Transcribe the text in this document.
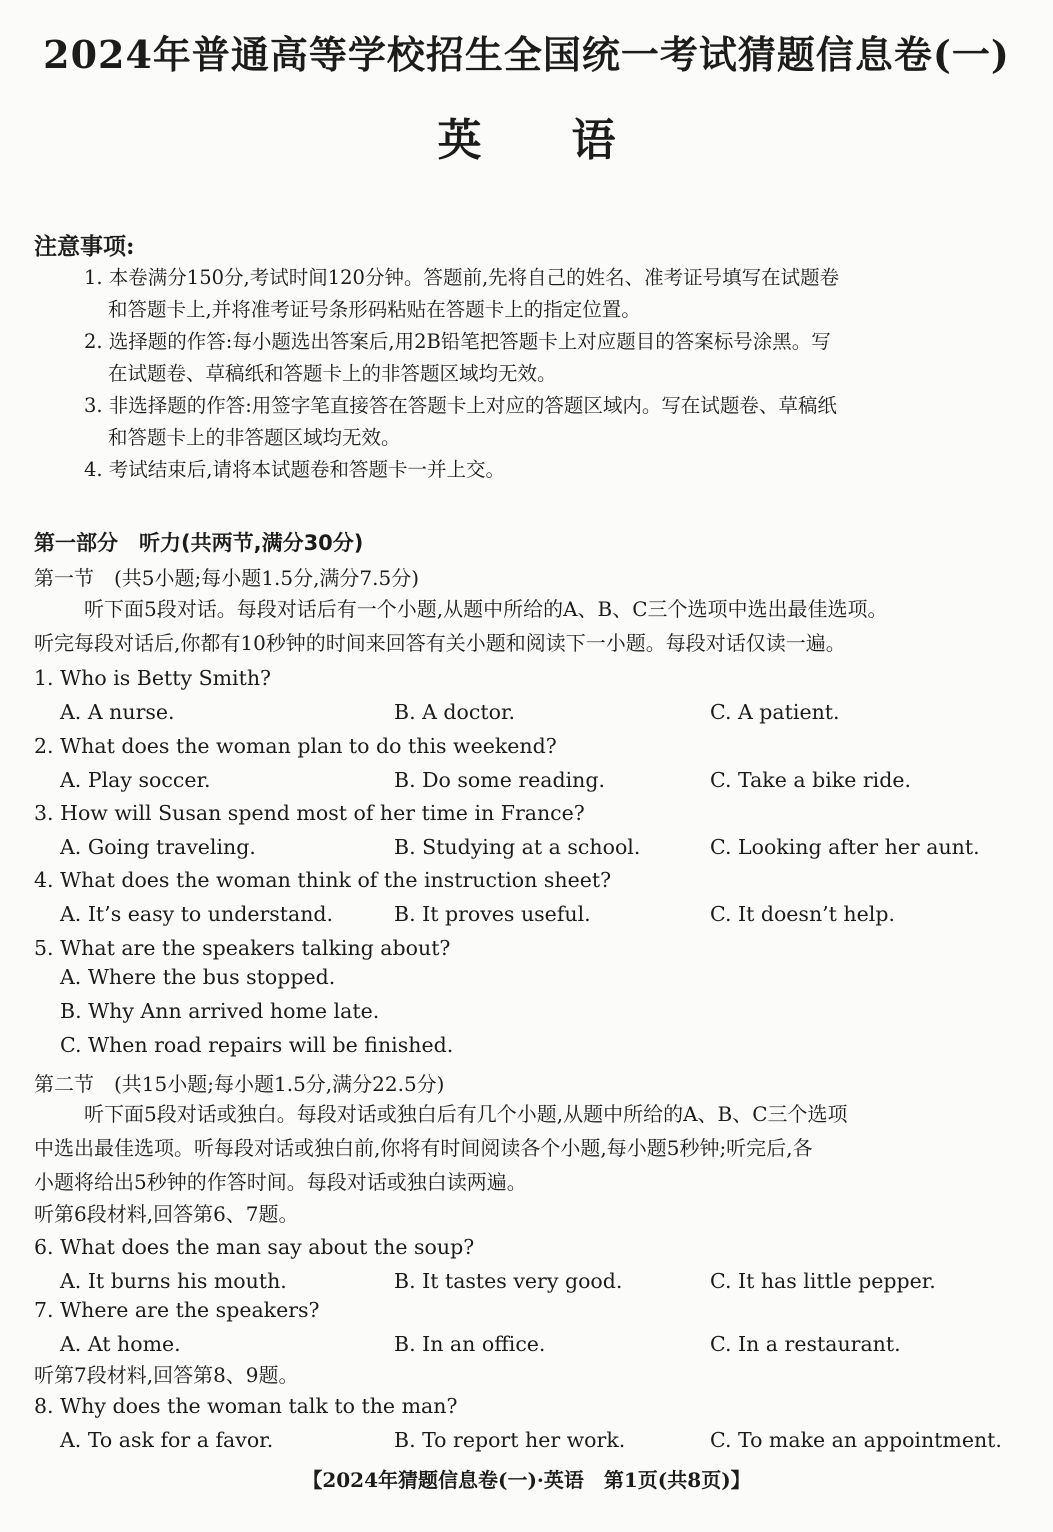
2024年普通高等学校招生全国统一考试猜题信息卷(一)
英语
注意事项:
1. 本卷满分150分,考试时间120分钟。答题前,先将自己的姓名、准考证号填写在试题卷
和答题卡上,并将准考证号条形码粘贴在答题卡上的指定位置。
2. 选择题的作答:每小题选出答案后,用2B铅笔把答题卡上对应题目的答案标号涂黑。写
在试题卷、草稿纸和答题卡上的非答题区域均无效。
3. 非选择题的作答:用签字笔直接答在答题卡上对应的答题区域内。写在试题卷、草稿纸
和答题卡上的非答题区域均无效。
4. 考试结束后,请将本试题卷和答题卡一并上交。
第一部分　听力(共两节,满分30分)
第一节　(共5小题;每小题1.5分,满分7.5分)
听下面5段对话。每段对话后有一个小题,从题中所给的A、B、C三个选项中选出最佳选项。
听完每段对话后,你都有10秒钟的时间来回答有关小题和阅读下一小题。每段对话仅读一遍。
1. Who is Betty Smith?
A. A nurse.	B. A doctor.	C. A patient.
2. What does the woman plan to do this weekend?
A. Play soccer.	B. Do some reading.	C. Take a bike ride.
3. How will Susan spend most of her time in France?
A. Going traveling.	B. Studying at a school.	C. Looking after her aunt.
4. What does the woman think of the instruction sheet?
A. It’s easy to understand.	B. It proves useful.	C. It doesn’t help.
5. What are the speakers talking about?
A. Where the bus stopped.
B. Why Ann arrived home late.
C. When road repairs will be finished.
第二节　(共15小题;每小题1.5分,满分22.5分)
听下面5段对话或独白。每段对话或独白后有几个小题,从题中所给的A、B、C三个选项
中选出最佳选项。听每段对话或独白前,你将有时间阅读各个小题,每小题5秒钟;听完后,各
小题将给出5秒钟的作答时间。每段对话或独白读两遍。
听第6段材料,回答第6、7题。
6. What does the man say about the soup?
A. It burns his mouth.	B. It tastes very good.	C. It has little pepper.
7. Where are the speakers?
A. At home.	B. In an office.	C. In a restaurant.
听第7段材料,回答第8、9题。
8. Why does the woman talk to the man?
A. To ask for a favor.	B. To report her work.	C. To make an appointment.
【2024年猜题信息卷(一)·英语　第1页(共8页)】
